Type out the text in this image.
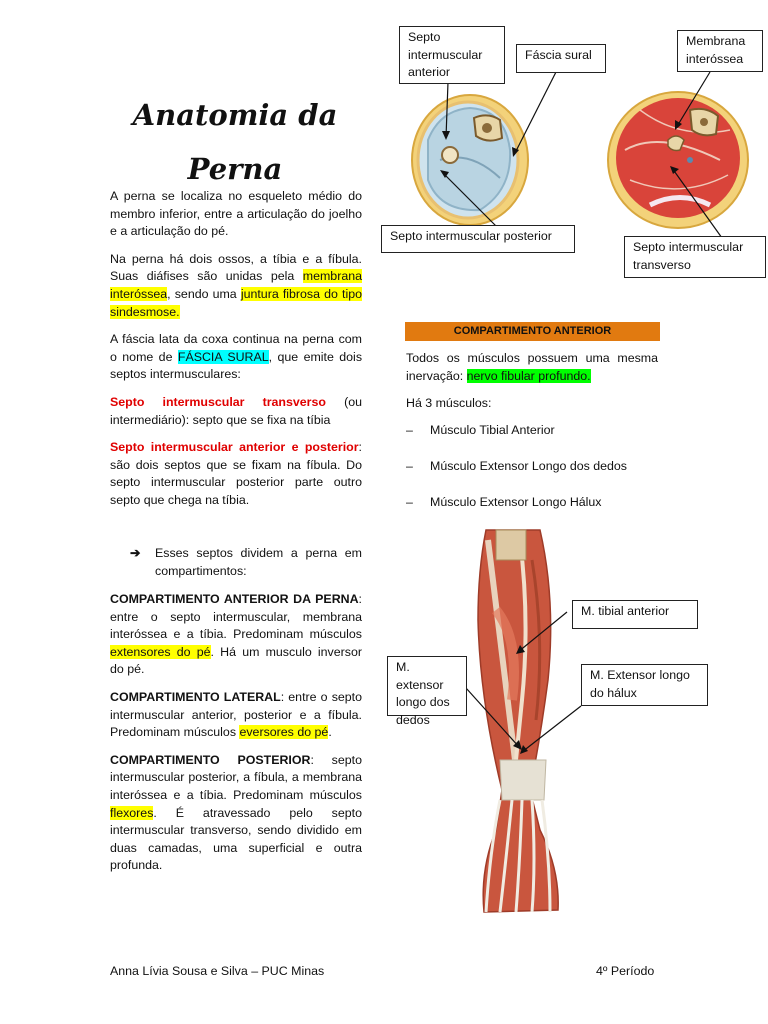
Anatomia da
Perna

A perna se localiza no esqueleto médio do membro inferior, entre a articulação do joelho e a articulação do pé.

Na perna há dois ossos, a tíbia e a fíbula. Suas diáfises são unidas pela membrana interóssea, sendo uma juntura fibrosa do tipo sindesmose.

A fáscia lata da coxa continua na perna com o nome de FÁSCIA SURAL, que emite dois septos intermusculares:

Septo intermuscular transverso (ou intermediário): septo que se fixa na tíbia

Septo intermuscular anterior e posterior: são dois septos que se fixam na fíbula. Do septo intermuscular posterior parte outro septo que chega na tíbia.

➔ Esses septos dividem a perna em compartimentos:

COMPARTIMENTO ANTERIOR DA PERNA: entre o septo intermuscular, membrana interóssea e a tíbia. Predominam músculos extensores do pé. Há um musculo inversor do pé.

COMPARTIMENTO LATERAL: entre o septo intermuscular anterior, posterior e a fíbula. Predominam músculos eversores do pé.

COMPARTIMENTO POSTERIOR: septo intermuscular posterior, a fíbula, a membrana interóssea e a tíbia. Predominam músculos flexores. É atravessado pelo septo intermuscular transverso, sendo dividido em duas camadas, uma superficial e outra profunda.

Septo intermuscular anterior
Fáscia sural
Membrana interóssea
Septo intermuscular posterior
Septo intermuscular transverso
M. tibial anterior
M. extensor longo dos dedos
M. Extensor longo do hálux
COMPARTIMENTO ANTERIOR
Todos os músculos possuem uma mesma inervação: nervo fibular profundo.
Há 3 músculos:
– Músculo Tibial Anterior
– Músculo Extensor Longo dos dedos
– Músculo Extensor Longo Hálux
Anna Lívia Sousa e Silva – PUC Minas	4º Período
